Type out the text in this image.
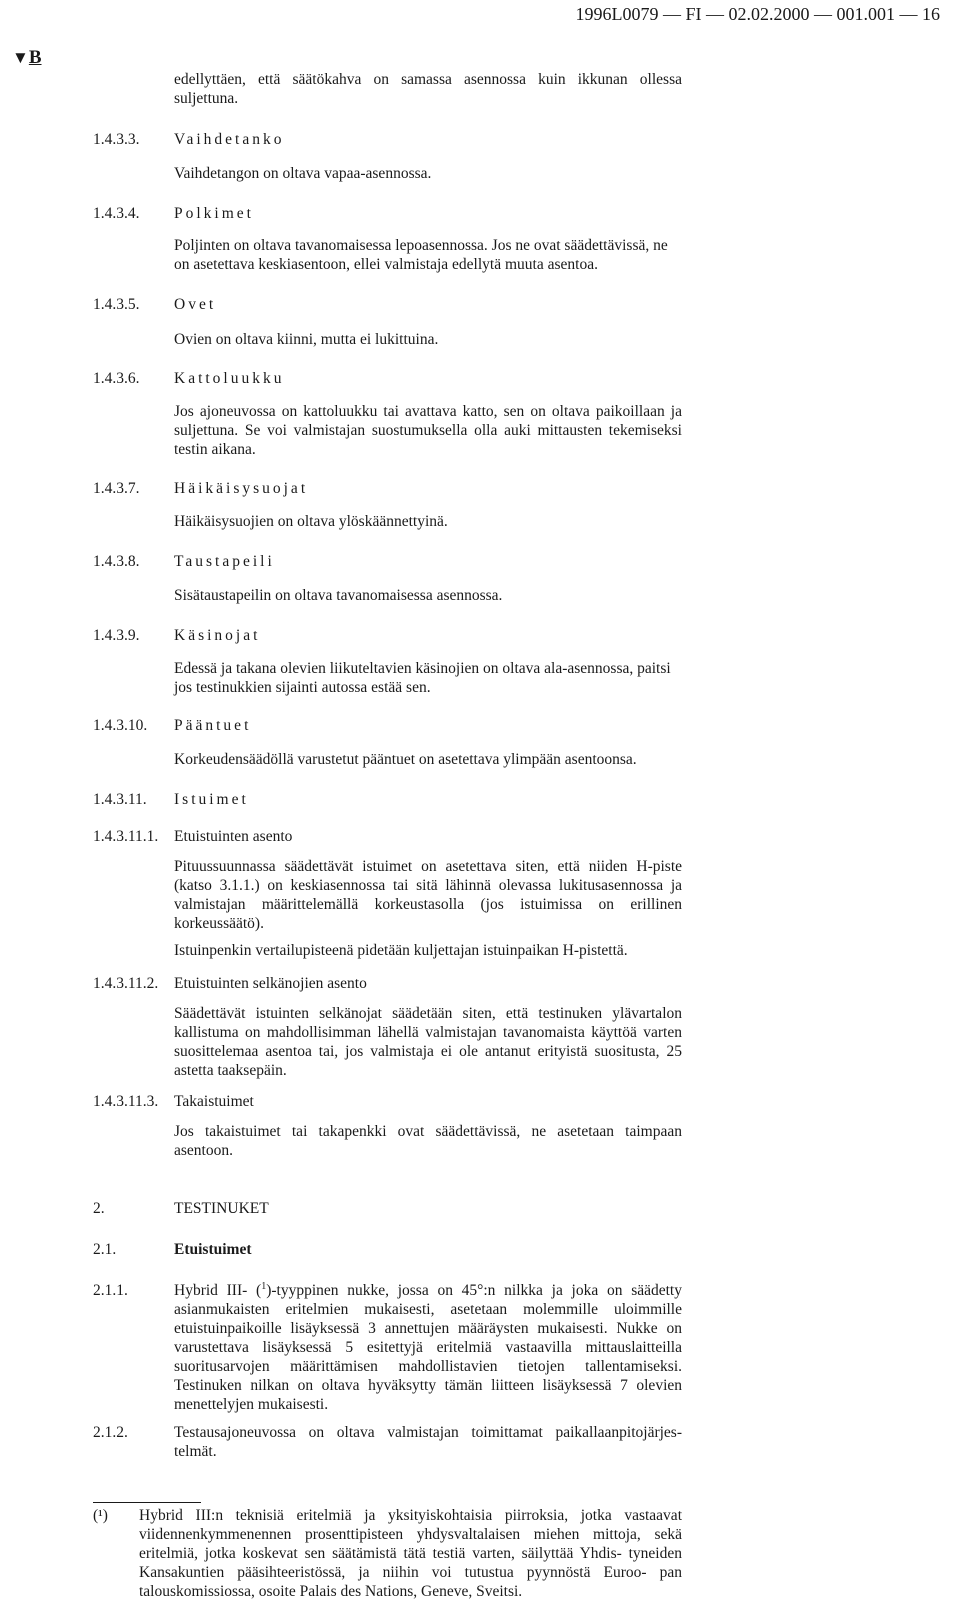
1996L0079 — FI — 02.02.2000 — 001.001 — 16
▼B

edellyttäen, että säätökahva on samassa asennossa kuin ikkunan ollessa suljettuna.

1.4.3.3. Vaihdetanko

Vaihdetangon on oltava vapaa-asennossa.

1.4.3.4. Polkimet

Poljinten on oltava tavanomaisessa lepoasennossa. Jos ne ovat säädettävissä, ne on asetettava keskiasentoon, ellei valmistaja edellytä muuta asentoa.

1.4.3.5. Ovet

Ovien on oltava kiinni, mutta ei lukittuina.

1.4.3.6. Kattoluukku

Jos ajoneuvossa on kattoluukku tai avattava katto, sen on oltava paikoillaan ja suljettuna. Se voi valmistajan suostumuksella olla auki mittausten tekemiseksi testin aikana.

1.4.3.7. Häikäisysuojat

Häikäisysuojien on oltava ylöskäännettyinä.

1.4.3.8. Taustapeili

Sisätaustapeilin on oltava tavanomaisessa asennossa.

1.4.3.9. Käsinojat

Edessä ja takana olevien liikuteltavien käsinojien on oltava ala-asennossa, paitsi jos testinukkien sijainti autossa estää sen.

1.4.3.10. Pääntuet

Korkeudensäädöllä varustetut pääntuet on asetettava ylimpään asentoonsa.

1.4.3.11. Istuimet
1.4.3.11.1. Etuistuinten asento

Pituussuunnassa säädettävät istuimet on asetettava siten, että niiden H-piste (katso 3.1.1.) on keskiasennossa tai sitä lähinnä olevassa lukitusasennossa ja valmistajan määrittelemällä korkeustasolla (jos istuimissa on erillinen korkeussäätö).

Istuinpenkin vertailupisteenä pidetään kuljettajan istuinpaikan H-pistettä.

1.4.3.11.2. Etuistuinten selkänojien asento

Säädettävät istuinten selkänojat säädetään siten, että testinuken ylävartalon kallistuma on mahdollisimman lähellä valmistajan tavanomaista käyttöä varten suosittelemaa asentoa tai, jos valmistaja ei ole antanut erityistä suositusta, 25 astetta taaksepäin.

1.4.3.11.3. Takaistuimet

Jos takaistuimet tai takapenkki ovat säädettävissä, ne asetetaan taimpaan asentoon.

2.	TESTINUKET
2.1.	Etuistuimet
2.1.1.	Hybrid III- ($^1$)-tyyppinen nukke, jossa on 45°:n nilkka ja joka on säädetty asianmukaisten eritelmien mukaisesti, asetetaan molemmille uloimmille etuistuinpaikoille lisäyksessä 3 annettujen määräysten mukaisesti. Nukke on varustettava lisäyksessä 5 esitettyjä eritelmiä vastaavilla mittauslaitteilla suoritusarvojen määrittämisen mahdollistavien tietojen tallentamiseksi. Testinuken nilkan on oltava hyväksytty tämän liitteen lisäyksessä 7 olevien menettelyjen mukaisesti.

2.1.2.	Testausajoneuvossa on oltava valmistajan toimittamat paikallaanpitojärjes- telmät.

(¹) Hybrid III:n teknisiä eritelmiä ja yksityiskohtaisia piirroksia, jotka vastaavat viidennenkymmenennen prosenttipisteen yhdysvaltalaisen miehen mittoja, sekä eritelmiä, jotka koskevat sen säätämistä tätä testiä varten, säilyttää Yhdis- tyneiden Kansakuntien pääsihteeristössä, ja niihin voi tutustua pyynnöstä Euroo- pan talouskomissiossa, osoite Palais des Nations, Geneve, Sveitsi.
